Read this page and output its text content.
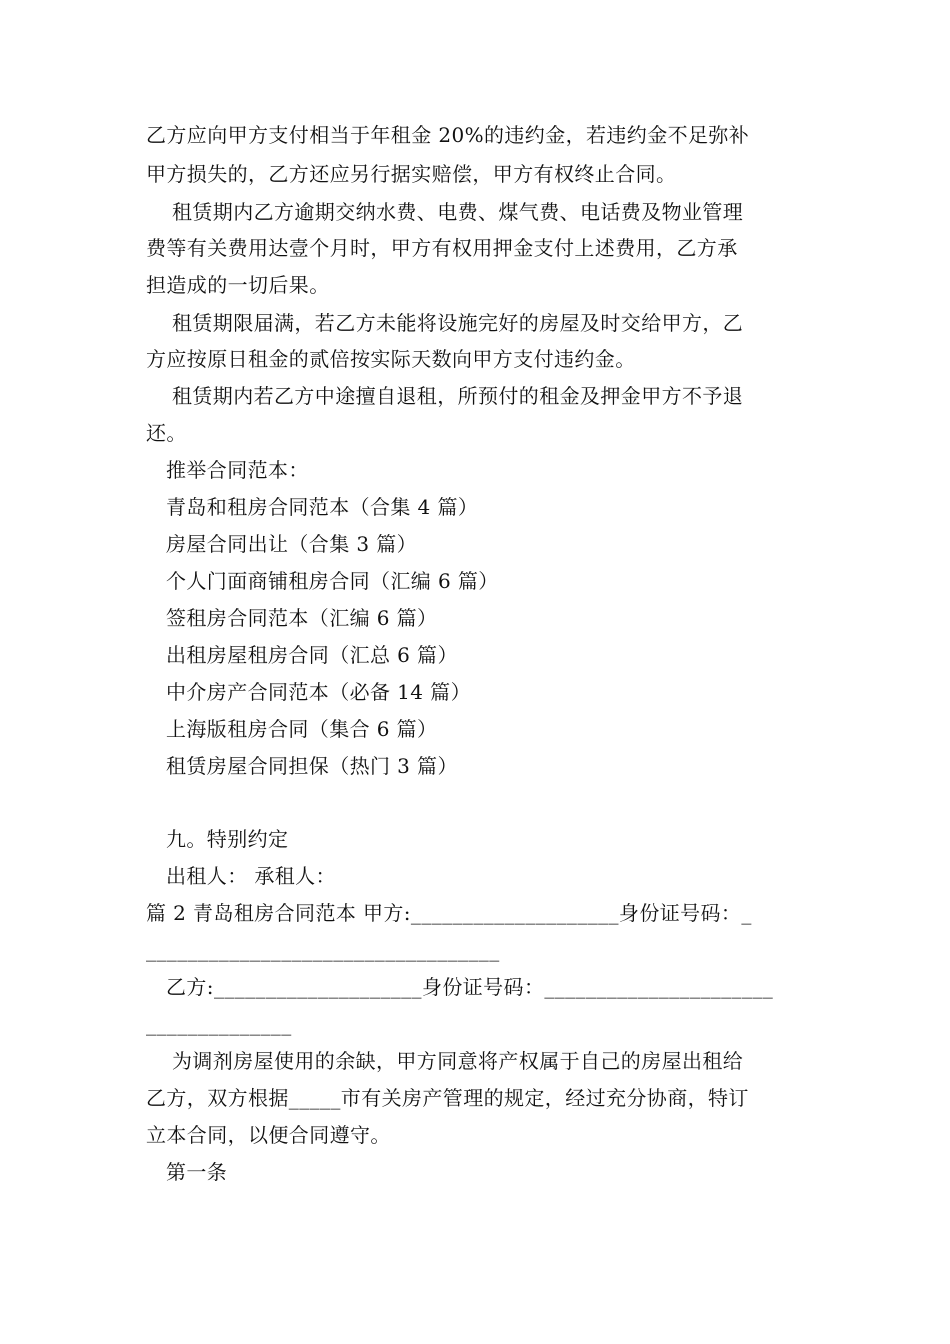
乙方应向甲方支付相当于年租金 20%的违约金，若违约金不足弥补
甲方损失的，乙方还应另行据实赔偿，甲方有权终止合同。
租赁期内乙方逾期交纳水费、电费、煤气费、电话费及物业管理
费等有关费用达壹个月时，甲方有权用押金支付上述费用，乙方承
担造成的一切后果。
租赁期限届满，若乙方未能将设施完好的房屋及时交给甲方，乙
方应按原日租金的贰倍按实际天数向甲方支付违约金。
租赁期内若乙方中途擅自退租，所预付的租金及押金甲方不予退
还。
推举合同范本：
青岛和租房合同范本（合集 4 篇）
房屋合同出让（合集 3 篇）
个人门面商铺租房合同（汇编 6 篇）
签租房合同范本（汇编 6 篇）
出租房屋租房合同（汇总 6 篇）
中介房产合同范本（必备 14 篇）
上海版租房合同（集合 6 篇）
租赁房屋合同担保（热门 3 篇）
九。特别约定
出租人： 承租人：
篇 2 青岛租房合同范本 甲方:____________________身份证号码：_
__________________________________
乙方:____________________身份证号码：______________________
______________
为调剂房屋使用的余缺，甲方同意将产权属于自己的房屋出租给
乙方，双方根据_____市有关房产管理的规定，经过充分协商，特订
立本合同，以便合同遵守。
第一条
